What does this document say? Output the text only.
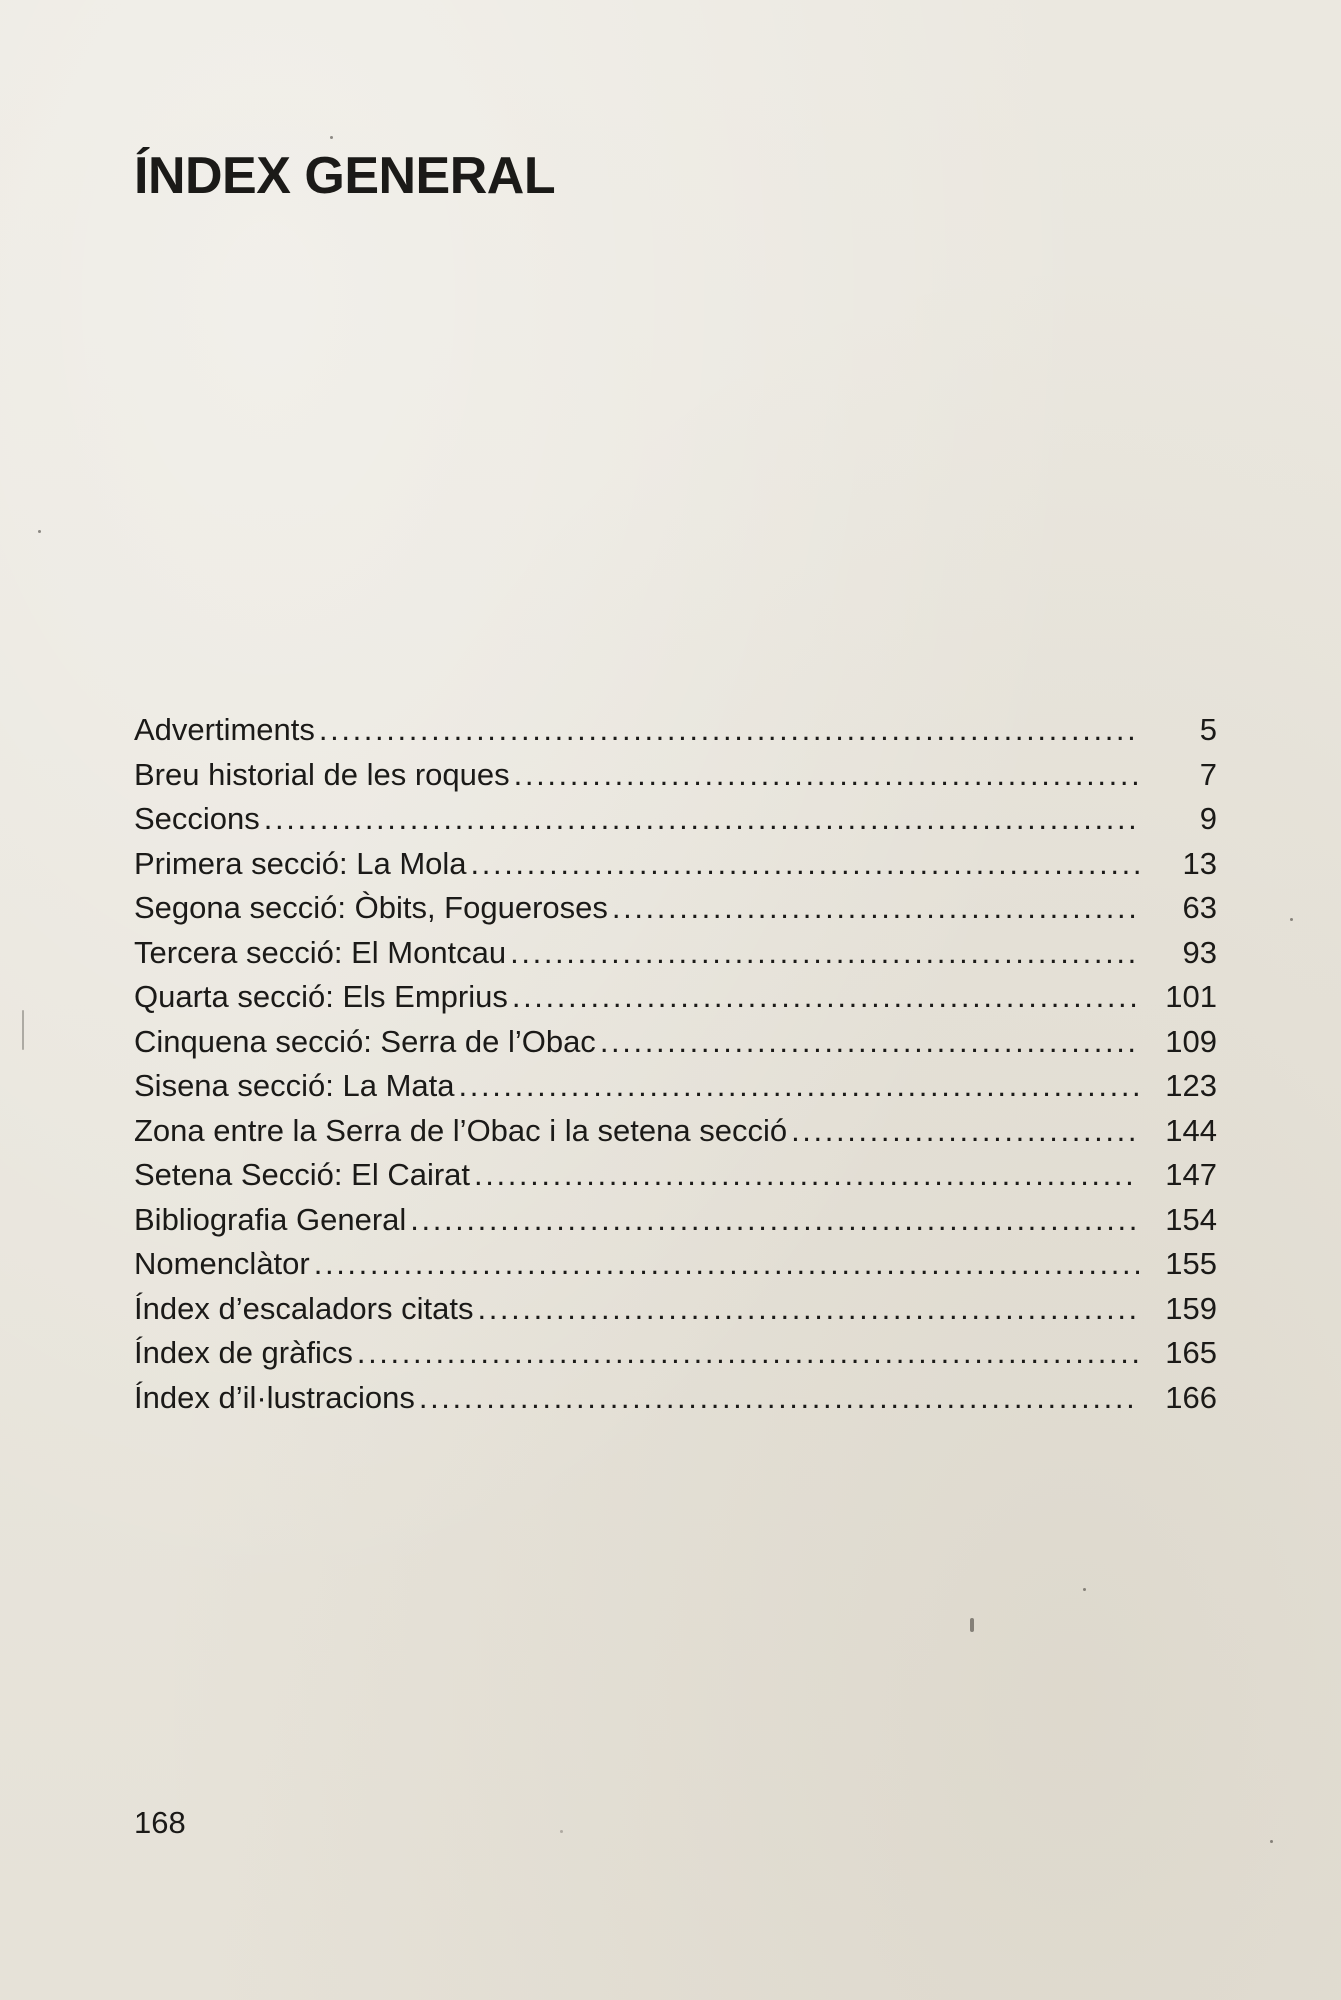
ÍNDEX GENERAL
Advertiments . . .	5
Breu historial de les roques . . .	7
Seccions . . .	9
Primera secció: La Mola . . .	13
Segona secció: Òbits, Fogueroses . . .	63
Tercera secció: El Montcau . . .	93
Quarta secció: Els Emprius . . .	101
Cinquena secció: Serra de l’Obac . . .	109
Sisena secció: La Mata . . .	123
Zona entre la Serra de l’Obac i la setena secció . . .	144
Setena Secció: El Cairat . . .	147
Bibliografia General . . .	154
Nomenclàtor . . .	155
Índex d’escaladors citats . . .	159
Índex de gràfics . . .	165
Índex d’il·lustracions . . .	166

168
